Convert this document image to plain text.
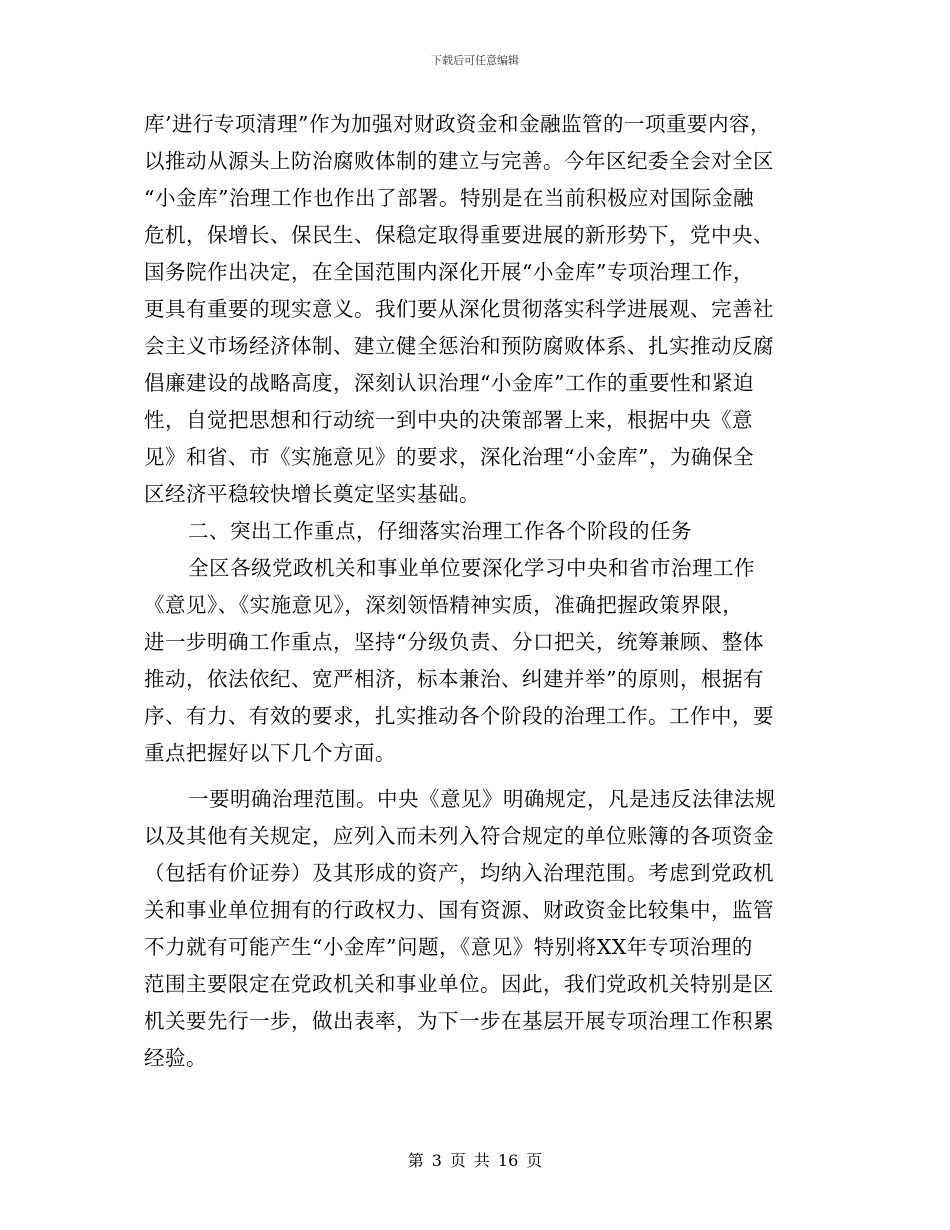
下载后可任意编辑
库’进行专项清理”作为加强对财政资金和金融监管的一项重要内容，
以推动从源头上防治腐败体制的建立与完善。今年区纪委全会对全区
“小金库”治理工作也作出了部署。特别是在当前积极应对国际金融
危机，保增长、保民生、保稳定取得重要进展的新形势下，党中央、
国务院作出决定，在全国范围内深化开展“小金库”专项治理工作，
更具有重要的现实意义。我们要从深化贯彻落实科学进展观、完善社
会主义市场经济体制、建立健全惩治和预防腐败体系、扎实推动反腐
倡廉建设的战略高度，深刻认识治理“小金库”工作的重要性和紧迫
性，自觉把思想和行动统一到中央的决策部署上来，根据中央《意
见》和省、市《实施意见》的要求，深化治理“小金库”，为确保全
区经济平稳较快增长奠定坚实基础。
二、突出工作重点，仔细落实治理工作各个阶段的任务
全区各级党政机关和事业单位要深化学习中央和省市治理工作
《意见》、《实施意见》，深刻领悟精神实质，准确把握政策界限，
进一步明确工作重点，坚持“分级负责、分口把关，统筹兼顾、整体
推动，依法依纪、宽严相济，标本兼治、纠建并举”的原则，根据有
序、有力、有效的要求，扎实推动各个阶段的治理工作。工作中，要
重点把握好以下几个方面。
一要明确治理范围。中央《意见》明确规定，凡是违反法律法规
以及其他有关规定，应列入而未列入符合规定的单位账簿的各项资金
（包括有价证券）及其形成的资产，均纳入治理范围。考虑到党政机
关和事业单位拥有的行政权力、国有资源、财政资金比较集中，监管
不力就有可能产生“小金库”问题，《意见》特别将XX年专项治理的
范围主要限定在党政机关和事业单位。因此，我们党政机关特别是区
机关要先行一步，做出表率，为下一步在基层开展专项治理工作积累
经验。
第 3 页 共 16 页
